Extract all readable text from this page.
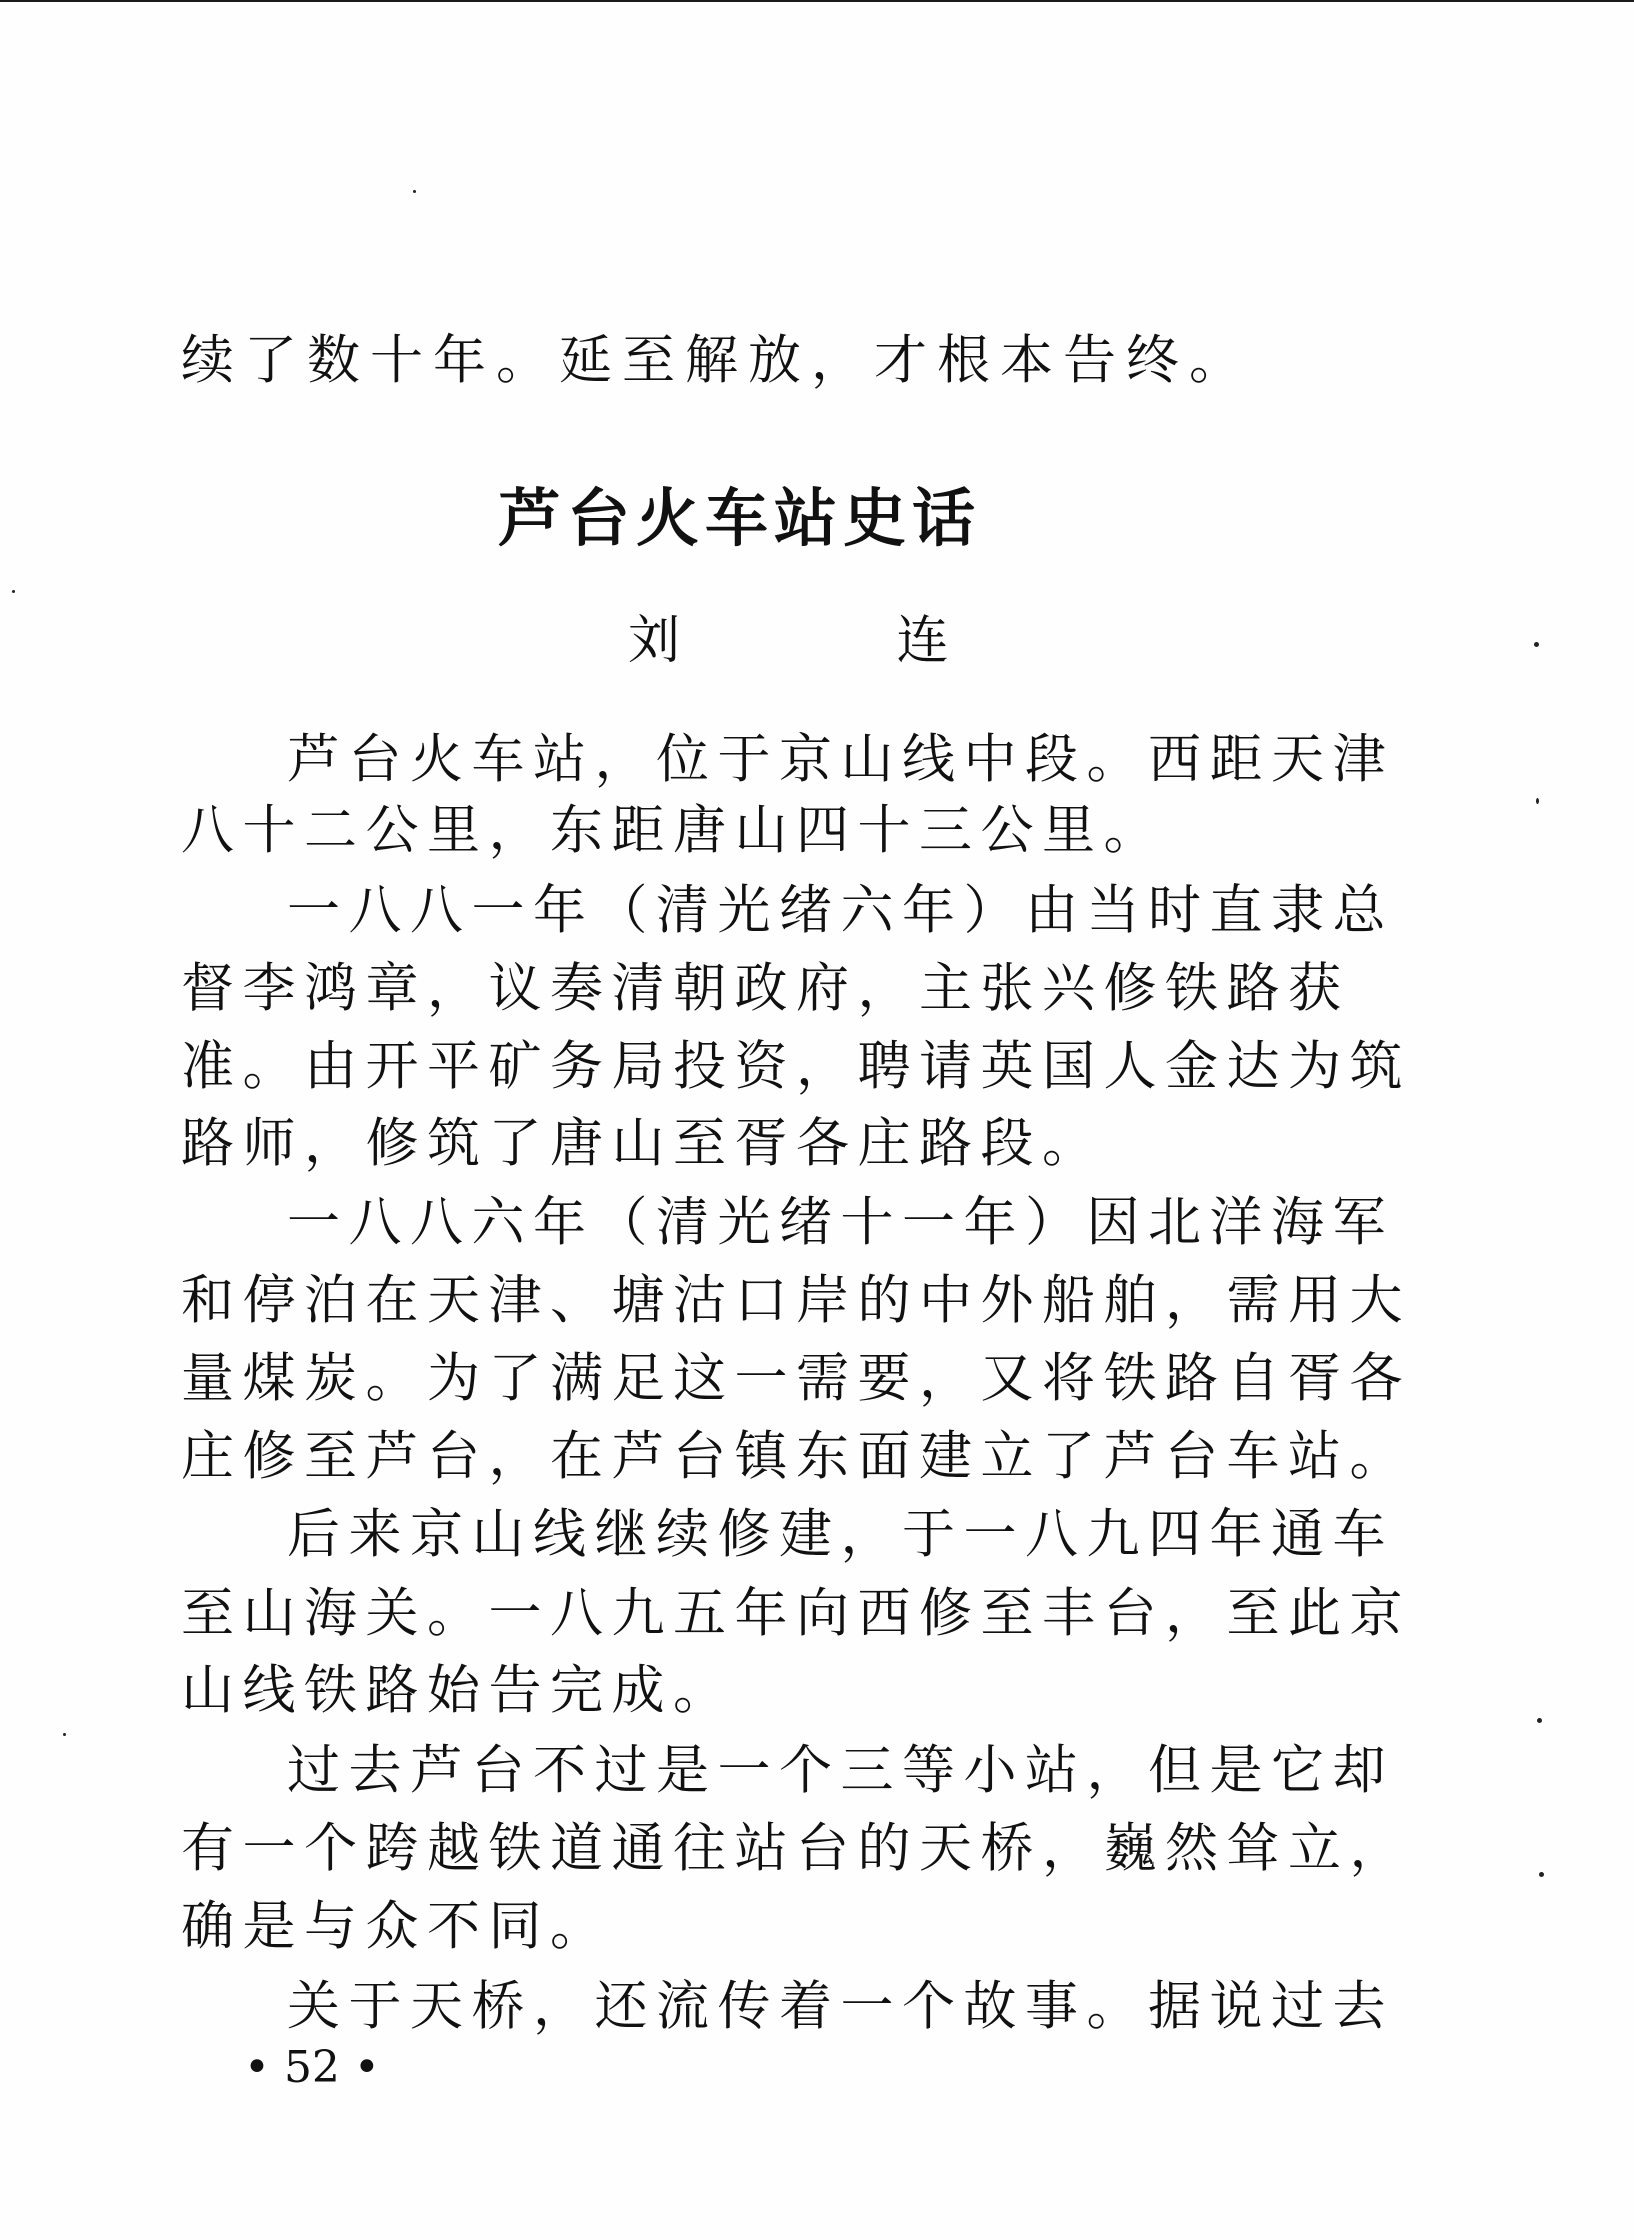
续了数十年。延至解放，才根本告终。
芦台火车站史话
刘 连
芦台火车站，位于京山线中段。西距天津
八十二公里，东距唐山四十三公里。
一八八一年（清光绪六年）由当时直隶总
督李鸿章，议奏清朝政府，主张兴修铁路获
准。由开平矿务局投资，聘请英国人金达为筑
路师，修筑了唐山至胥各庄路段。
一八八六年（清光绪十一年）因北洋海军
和停泊在天津、塘沽口岸的中外船舶，需用大
量煤炭。为了满足这一需要，又将铁路自胥各
庄修至芦台，在芦台镇东面建立了芦台车站。
后来京山线继续修建，于一八九四年通车
至山海关。一八九五年向西修至丰台，至此京
山线铁路始告完成。
过去芦台不过是一个三等小站，但是它却
有一个跨越铁道通往站台的天桥，巍然耸立，
确是与众不同。
关于天桥，还流传着一个故事。据说过去
• 52 •
